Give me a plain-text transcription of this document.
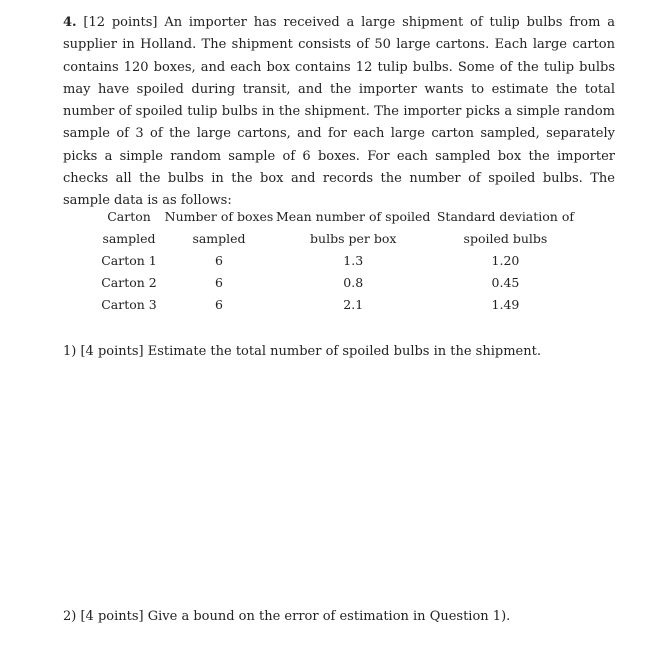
4. [12 points] An importer has received a large shipment of tulip bulbs from a supplier in Holland. The shipment consists of 50 large cartons. Each large carton contains 120 boxes, and each box contains 12 tulip bulbs. Some of the tulip bulbs may have spoiled during transit, and the importer wants to estimate the total number of spoiled tulip bulbs in the shipment. The importer picks a simple random sample of 3 of the large cartons, and for each large carton sampled, separately picks a simple random sample of 6 boxes. For each sampled box the importer checks all the bulbs in the box and records the number of spoiled bulbs. The sample data is as follows:

Carton	Number of boxes	Mean number of spoiled	Standard deviation of
sampled	sampled	bulbs per box	spoiled bulbs
Carton 1	6	1.3	1.20
Carton 2	6	0.8	0.45
Carton 3	6	2.1	1.49

1) [4 points] Estimate the total number of spoiled bulbs in the shipment.

2) [4 points] Give a bound on the error of estimation in Question 1).
